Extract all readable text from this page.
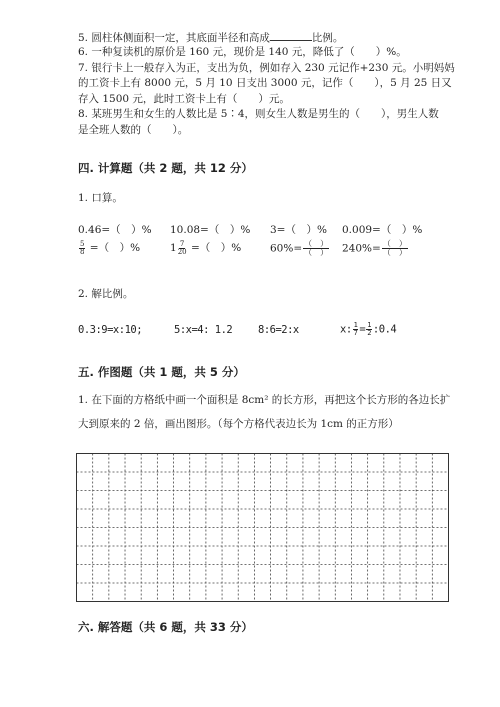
5. 圆柱体侧面积一定，其底面半径和高成	比例。
6. 一种复读机的原价是 160 元，现价是 140 元，降低了（　　）%。
7. 银行卡上一般存入为正，支出为负，例如存入 230 元记作+230 元。小明妈妈
的工资卡上有 8000 元，5 月 10 日支出 3000 元，记作（　　），5 月 25 日又
存入 1500 元，此时工资卡上有（　　）元。
8. 某班男生和女生的人数比是 5∶4，则女生人数是男生的（　　），男生人数
是全班人数的（　　）。
四. 计算题（共 2 题，共 12 分）
1. 口算。
0.46=（　）% 10.08=（　）% 3=（　）% 0.009=（　）%
$\frac{5}{8}$ =（　）%	$1 \frac{7}{20}$ =（　）%	$60\%= \frac{( )}{( )} 240\%= \frac{( )}{( )}$
2. 解比例。
0.3:9=x:10;	5:x=4: 1.2 8:6=2:x	x: $\frac{1}{7} = \frac{1}{2}$ :0.4
五. 作图题（共 1 题，共 5 分）
1. 在下面的方格纸中画一个面积是 8cm² 的长方形，再把这个长方形的各边长扩
大到原来的 2 倍，画出图形。（每个方格代表边长为 1cm 的正方形）
六. 解答题（共 6 题，共 33 分）
